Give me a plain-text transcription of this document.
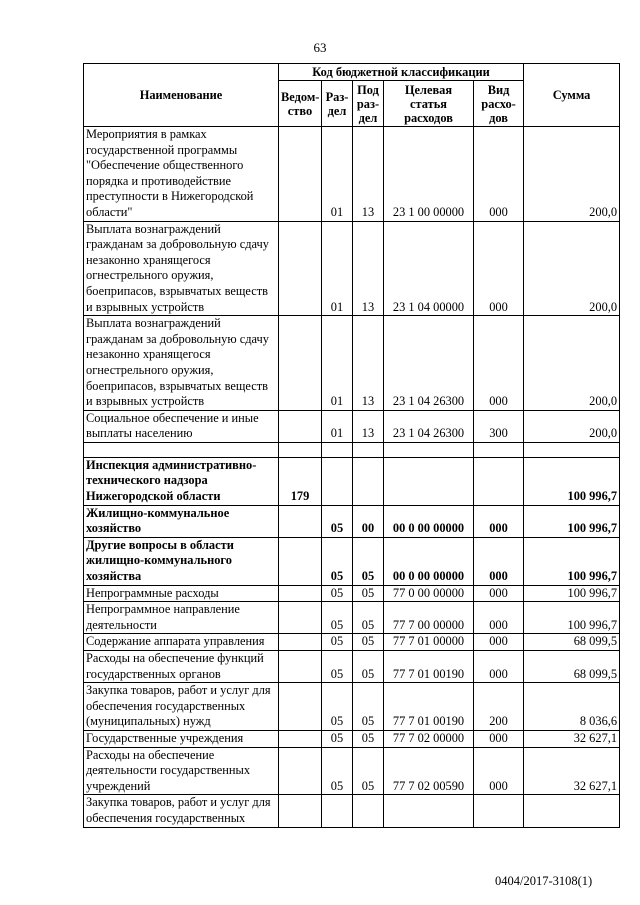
63
Наименование	Код бюджетной классификации					Сумма
	Ведом-ство	Раз-дел	Под раз-дел	Целевая статья расходов	Вид расхо-дов	
Мероприятия в рамках государственной программы "Обеспечение общественного порядка и противодействие преступности в Нижегородской области"		01	13	23 1 00 00000	000	200,0
Выплата вознаграждений гражданам за добровольную сдачу незаконно хранящегося огнестрельного оружия, боеприпасов, взрывчатых веществ и взрывных устройств		01	13	23 1 04 00000	000	200,0
Выплата вознаграждений гражданам за добровольную сдачу незаконно хранящегося огнестрельного оружия, боеприпасов, взрывчатых веществ и взрывных устройств		01	13	23 1 04 26300	000	200,0
Социальное обеспечение и иные выплаты населению		01	13	23 1 04 26300	300	200,0

Инспекция административно-технического надзора Нижегородской области	179					100 996,7
Жилищно-коммунальное хозяйство		05	00	00 0 00 00000	000	100 996,7
Другие вопросы в области жилищно-коммунального хозяйства		05	05	00 0 00 00000	000	100 996,7
Непрограммные расходы		05	05	77 0 00 00000	000	100 996,7
Непрограммное направление деятельности		05	05	77 7 00 00000	000	100 996,7
Содержание аппарата управления		05	05	77 7 01 00000	000	68 099,5
Расходы на обеспечение функций государственных органов		05	05	77 7 01 00190	000	68 099,5
Закупка товаров, работ и услуг для обеспечения государственных (муниципальных) нужд		05	05	77 7 01 00190	200	8 036,6
Государственные учреждения		05	05	77 7 02 00000	000	32 627,1
Расходы на обеспечение деятельности государственных учреждений		05	05	77 7 02 00590	000	32 627,1
Закупка товаров, работ и услуг для обеспечения государственных						
0404/2017-3108(1)
